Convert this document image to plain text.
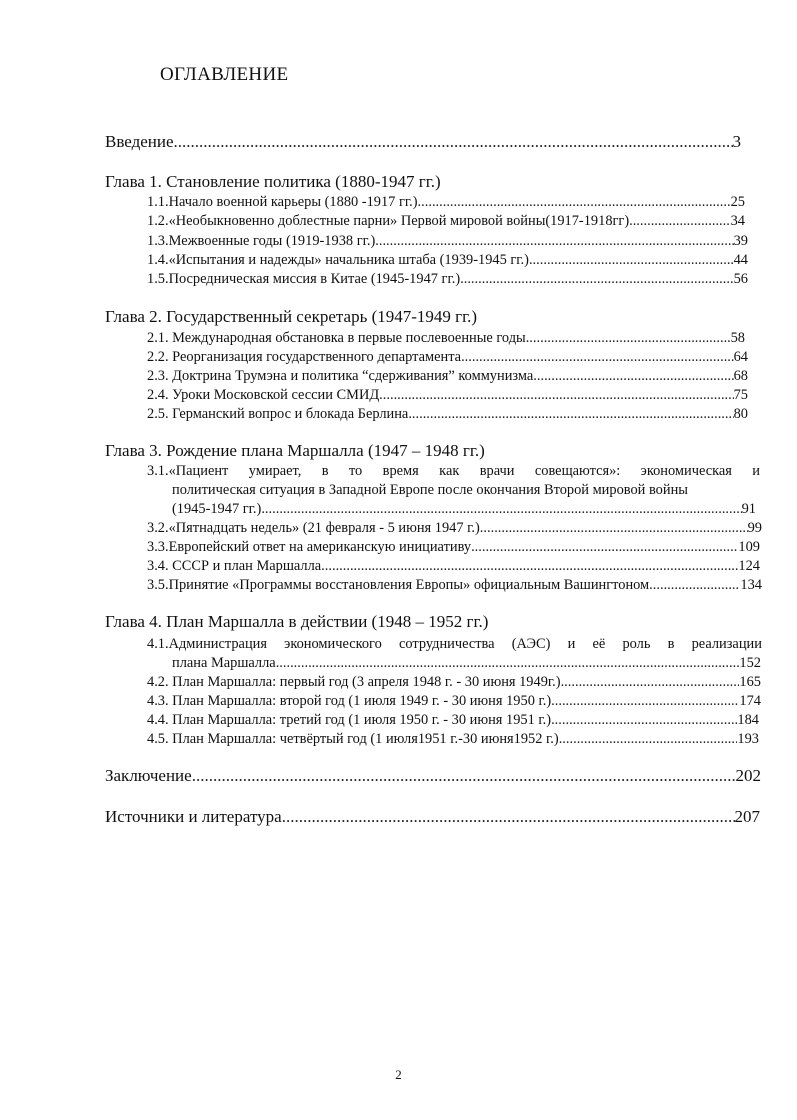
ОГЛАВЛЕНИЕ
Введение .....	3
Глава 1. Становление политика (1880-1947 гг.)
1.1.Начало военной карьеры (1880 -1917 гг.) .....	25
1.2.«Необыкновенно доблестные парни» Первой мировой войны(1917-1918гг) .....	34
1.3.Межвоенные годы (1919-1938 гг.) .....	39
1.4.«Испытания и надежды» начальника штаба (1939-1945 гг.) .....	44
1.5.Посредническая миссия в Китае (1945-1947 гг.) .....	56
Глава 2. Государственный секретарь (1947-1949 гг.)
2.1. Международная обстановка в первые послевоенные годы .....	58
2.2. Реорганизация государственного департамента .....	64
2.3. Доктрина Трумэна и политика “сдерживания” коммунизма .....	68
2.4. Уроки Московской сессии СМИД .....	75
2.5. Германский вопрос и блокада Берлина .....	80
Глава 3. Рождение плана Маршалла (1947 – 1948 гг.)
3.1.«Пациент умирает, в то время как врачи совещаются»: экономическая и
политическая ситуация в Западной Европе после окончания Второй мировой войны
(1945-1947 гг.) .....	91
3.2.«Пятнадцать недель» (21 февраля - 5 июня 1947 г.) .....	99
3.3.Европейский ответ на американскую инициативу .....	109
3.4. СССР и план Маршалла .....	124
3.5.Принятие «Программы восстановления Европы» официальным Вашингтоном .....	134
Глава 4. План Маршалла в действии (1948 – 1952 гг.)
4.1.Администрация экономического сотрудничества (АЭС) и её роль в реализации
плана Маршалла .....	152
4.2. План Маршалла: первый год (3 апреля 1948 г. - 30 июня 1949г.) .....	165
4.3. План Маршалла: второй год (1 июля 1949 г. - 30 июня 1950 г.) .....	174
4.4. План Маршалла: третий год (1 июля 1950 г. - 30 июня 1951 г.) .....	184
4.5. План Маршалла: четвёртый год (1 июля1951 г.-30 июня1952 г.) .....	193
Заключение .....	202
Источники и литература .....	207
2
